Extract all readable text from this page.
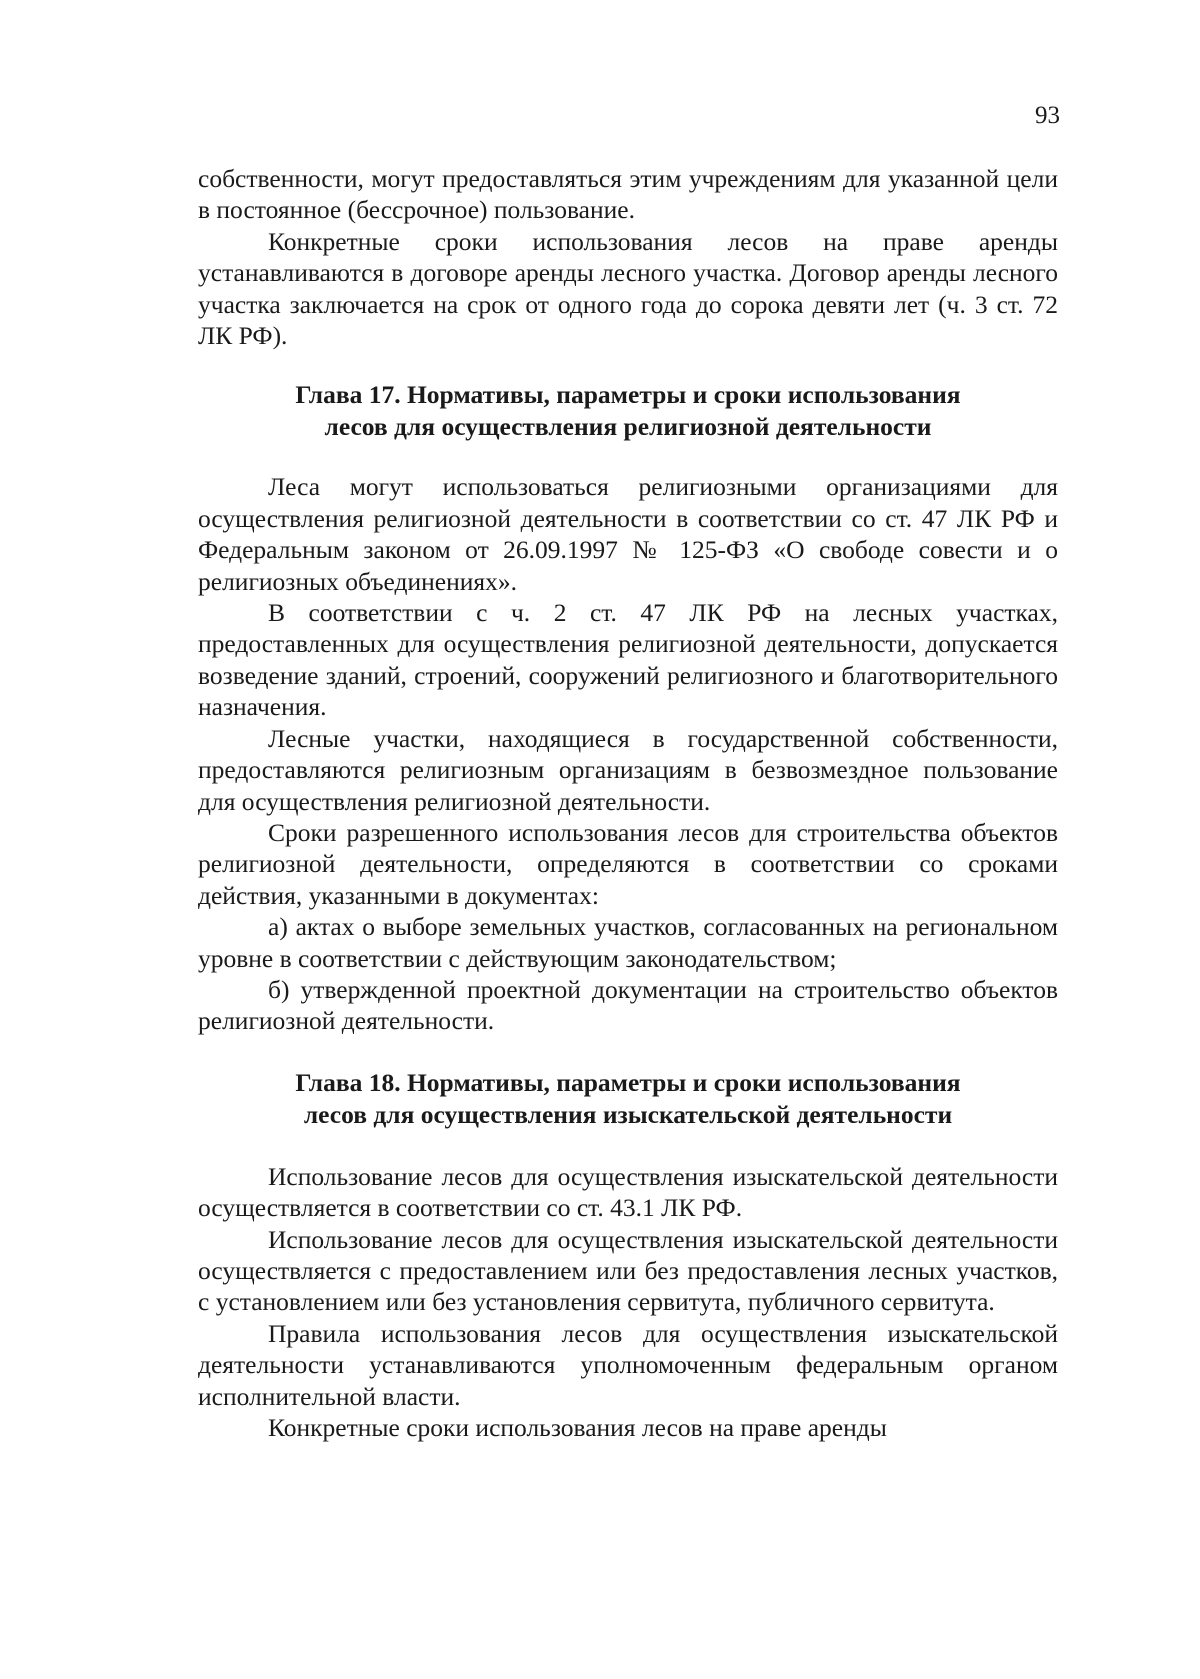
93

собственности, могут предоставляться этим учреждениям для указанной цели в постоянное (бессрочное) пользование.

Конкретные сроки использования лесов на праве аренды устанавливаются в договоре аренды лесного участка. Договор аренды лесного участка заключается на срок от одного года до сорока девяти лет (ч. 3 ст. 72 ЛК РФ).

Глава 17. Нормативы, параметры и сроки использования
лесов для осуществления религиозной деятельности

Леса могут использоваться религиозными организациями для осуществления религиозной деятельности в соответствии со ст. 47 ЛК РФ и Федеральным законом от 26.09.1997 № 125-ФЗ «О свободе совести и о религиозных объединениях».

В соответствии с ч. 2 ст. 47 ЛК РФ на лесных участках, предоставленных для осуществления религиозной деятельности, допускается возведение зданий, строений, сооружений религиозного и благотворительного назначения.

Лесные участки, находящиеся в государственной собственности, предоставляются религиозным организациям в безвозмездное пользование для осуществления религиозной деятельности.

Сроки разрешенного использования лесов для строительства объектов религиозной деятельности, определяются в соответствии со сроками действия, указанными в документах:

а) актах о выборе земельных участков, согласованных на региональном уровне в соответствии с действующим законодательством;

б) утвержденной проектной документации на строительство объектов религиозной деятельности.

Глава 18. Нормативы, параметры и сроки использования
лесов для осуществления изыскательской деятельности

Использование лесов для осуществления изыскательской деятельности осуществляется в соответствии со ст. 43.1 ЛК РФ.

Использование лесов для осуществления изыскательской деятельности осуществляется с предоставлением или без предоставления лесных участков, с установлением или без установления сервитута, публичного сервитута.

Правила использования лесов для осуществления изыскательской деятельности устанавливаются уполномоченным федеральным органом исполнительной власти.

Конкретные сроки использования лесов на праве аренды
